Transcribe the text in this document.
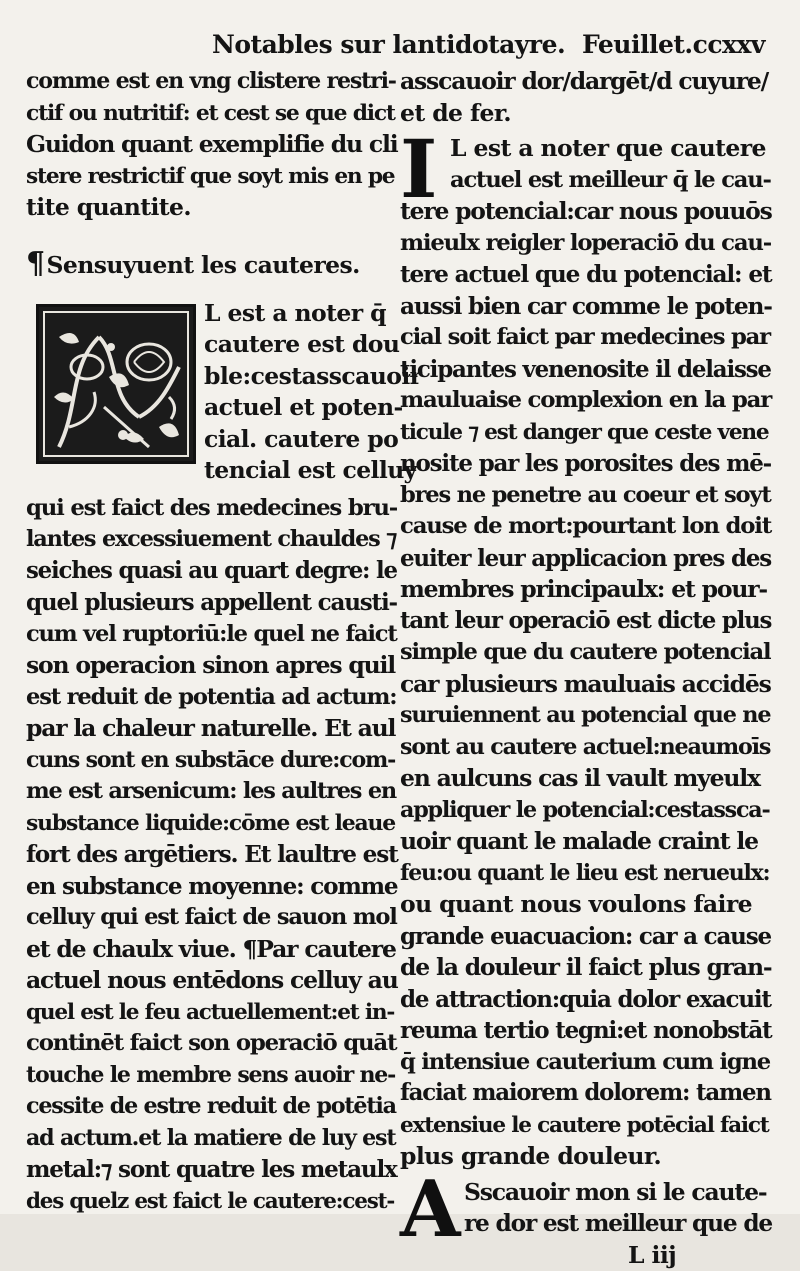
Notables sur lantidotayre. Feuillet.ccxxv
comme est en vng clistere restri-
ctif ou nutritif: et cest se que dict
Guidon quant exemplifie du cli
stere restrictif que soyt mis en pe
tite quantite.
¶Sensuyuent les cauteres.
L est a noter q̄
cautere est dou
ble:cestasscauoir
actuel et poten-
cial. cautere po
tencial est celluy
qui est faict des medecines bru-
lantes excessiuement chauldes ⁊
seiches quasi au quart degre: le
quel plusieurs appellent causti-
cum vel ruptoriū:le quel ne faict
son operacion sinon apres quil
est reduit de potentia ad actum:
par la chaleur naturelle. Et aul
cuns sont en substāce dure:com-
me est arsenicum: les aultres en
substance liquide:cōme est leaue
fort des argētiers. Et laultre est
en substance moyenne: comme
celluy qui est faict de sauon mol
et de chaulx viue. ¶Par cautere
actuel nous entēdons celluy au
quel est le feu actuellement:et in-
continēt faict son operaciō quāt
touche le membre sens auoir ne-
cessite de estre reduit de potētia
ad actum.et la matiere de luy est
metal:⁊ sont quatre les metaulx
des quelz est faict le cautere:cest-
asscauoir dor/dargēt/d cuyure/
et de fer.
I L est a noter que cautere
actuel est meilleur q̄ le cau-
tere potencial:car nous pouuōs
mieulx reigler loperaciō du cau-
tere actuel que du potencial: et
aussi bien car comme le poten-
cial soit faict par medecines par
ticipantes venenosite il delaisse
mauluaise complexion en la par
ticule ⁊ est danger que ceste vene
nosite par les porosites des mē-
bres ne penetre au coeur et soyt
cause de mort:pourtant lon doit
euiter leur applicacion pres des
membres principaulx: et pour-
tant leur operaciō est dicte plus
simple que du cautere potencial
car plusieurs mauluais accidēs
suruiennent au potencial que ne
sont au cautere actuel:neaumoīs
en aulcuns cas il vault myeulx
appliquer le potencial:cestassca-
uoir quant le malade craint le
feu:ou quant le lieu est nerueulx:
ou quant nous voulons faire
grande euacuacion: car a cause
de la douleur il faict plus gran-
de attraction:quia dolor exacuit
reuma tertio tegni:et nonobstāt
q̄ intensiue cauterium cum igne
faciat maiorem dolorem: tamen
extensiue le cautere potēcial faict
plus grande douleur.
A Sscauoir mon si le caute-
re dor est meilleur que de
L iij
